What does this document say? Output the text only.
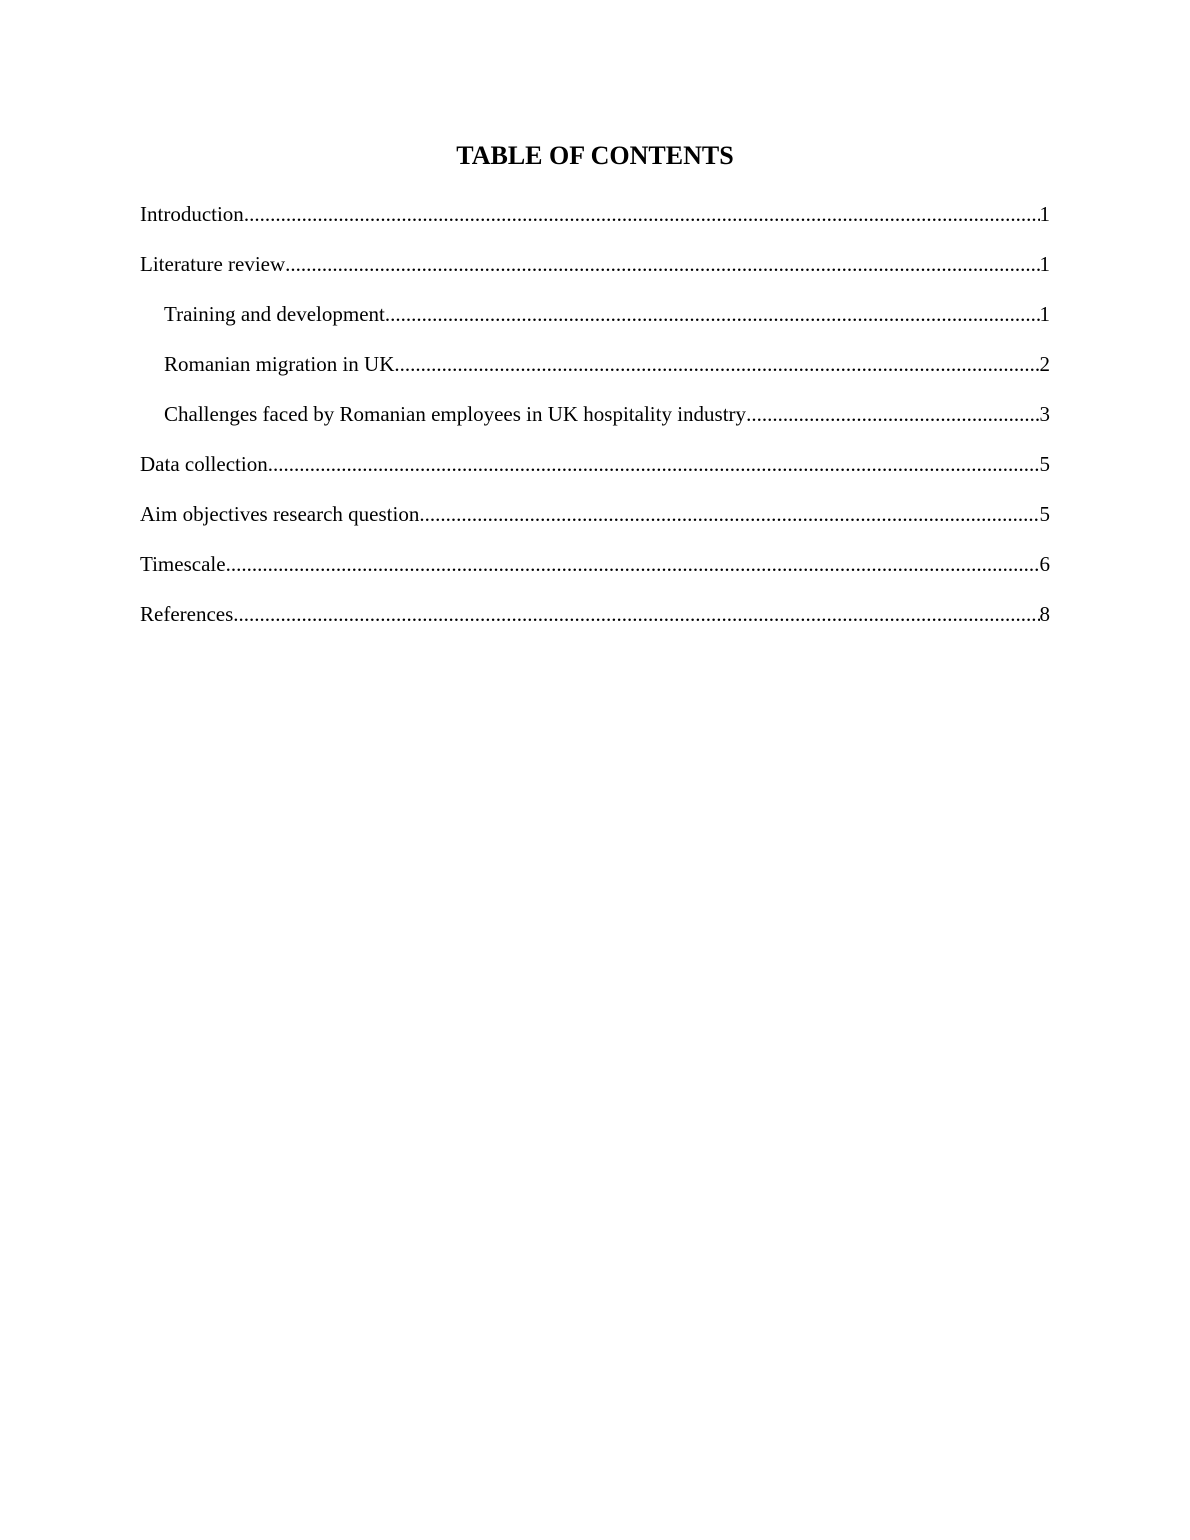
TABLE OF CONTENTS
Introduction .....	1
Literature review .....	1
Training and development .....	1
Romanian migration in UK .....	2
Challenges faced by Romanian employees in UK hospitality industry .....	3
Data collection .....	5
Aim objectives research question .....	5
Timescale .....	6
References .....	8
